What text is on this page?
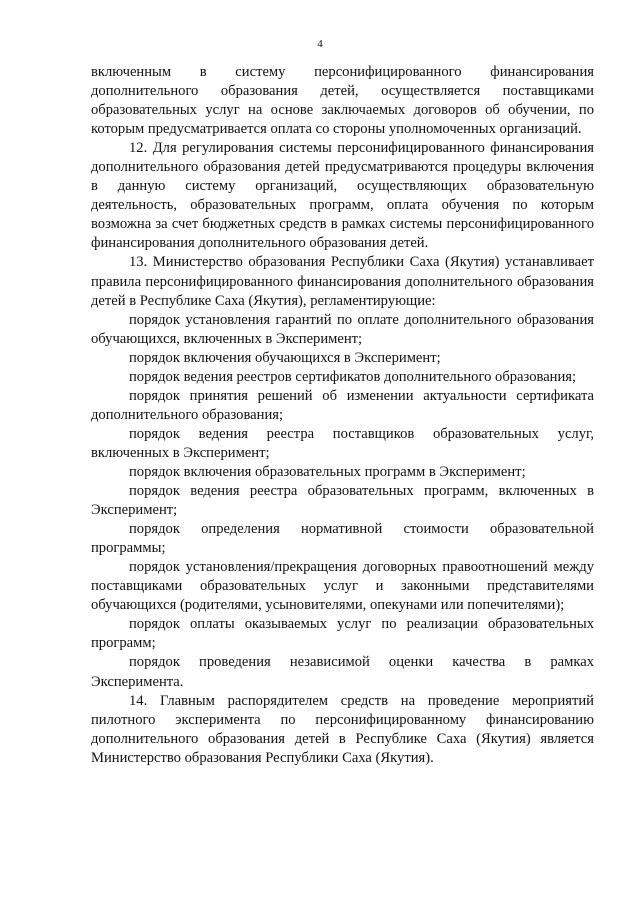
4

включенным в систему персонифицированного финансирования дополнительного образования детей, осуществляется поставщиками образовательных услуг на основе заключаемых договоров об обучении, по которым предусматривается оплата со стороны уполномоченных организаций.

12. Для регулирования системы персонифицированного финансирования дополнительного образования детей предусматриваются процедуры включения в данную систему организаций, осуществляющих образовательную деятельность, образовательных программ, оплата обучения по которым возможна за счет бюджетных средств в рамках системы персонифицированного финансирования дополнительного образования детей.

13. Министерство образования Республики Саха (Якутия) устанавливает правила персонифицированного финансирования дополнительного образования детей в Республике Саха (Якутия), регламентирующие:

порядок установления гарантий по оплате дополнительного образования обучающихся, включенных в Эксперимент;

порядок включения обучающихся в Эксперимент;

порядок ведения реестров сертификатов дополнительного образования;

порядок принятия решений об изменении актуальности сертификата дополнительного образования;

порядок ведения реестра поставщиков образовательных услуг, включенных в Эксперимент;

порядок включения образовательных программ в Эксперимент;

порядок ведения реестра образовательных программ, включенных в Эксперимент;

порядок определения нормативной стоимости образовательной программы;

порядок установления/прекращения договорных правоотношений между поставщиками образовательных услуг и законными представителями обучающихся (родителями, усыновителями, опекунами или попечителями);

порядок оплаты оказываемых услуг по реализации образовательных программ;

порядок проведения независимой оценки качества в рамках Эксперимента.

14. Главным распорядителем средств на проведение мероприятий пилотного эксперимента по персонифицированному финансированию дополнительного образования детей в Республике Саха (Якутия) является Министерство образования Республики Саха (Якутия).
